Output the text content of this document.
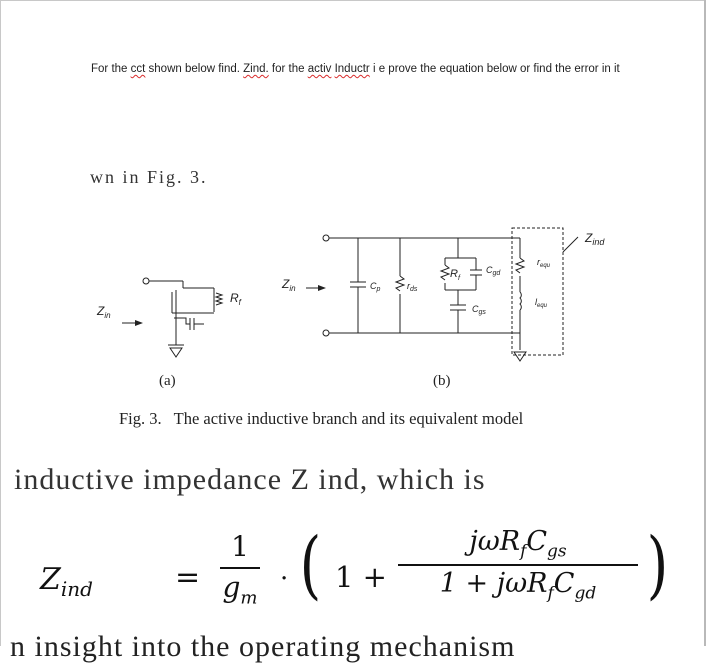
For the cct shown below find. Zind. for the activ Inductr i e prove the equation below or find the error in it
wn in Fig. 3.
$Z_{in}$
$R_f$
$Z_{in}$	$C_p$	$r_{ds}$
$R_f$
$C_{gd}$
$C_{gs}$
$r_{equ}$
$l_{equ}$
$Z_{ind}$
(a)	(b)
Fig. 3. The active inductive branch and its equivalent model
inductive impedance Z ind, which is
$Z_{ind}$	=
1
$g_m$
· ( 1 +
$j\omega R_fC_{gs}$
$1 + j\omega R_fC_{gd}$ )
n insight into the operating mechanism
